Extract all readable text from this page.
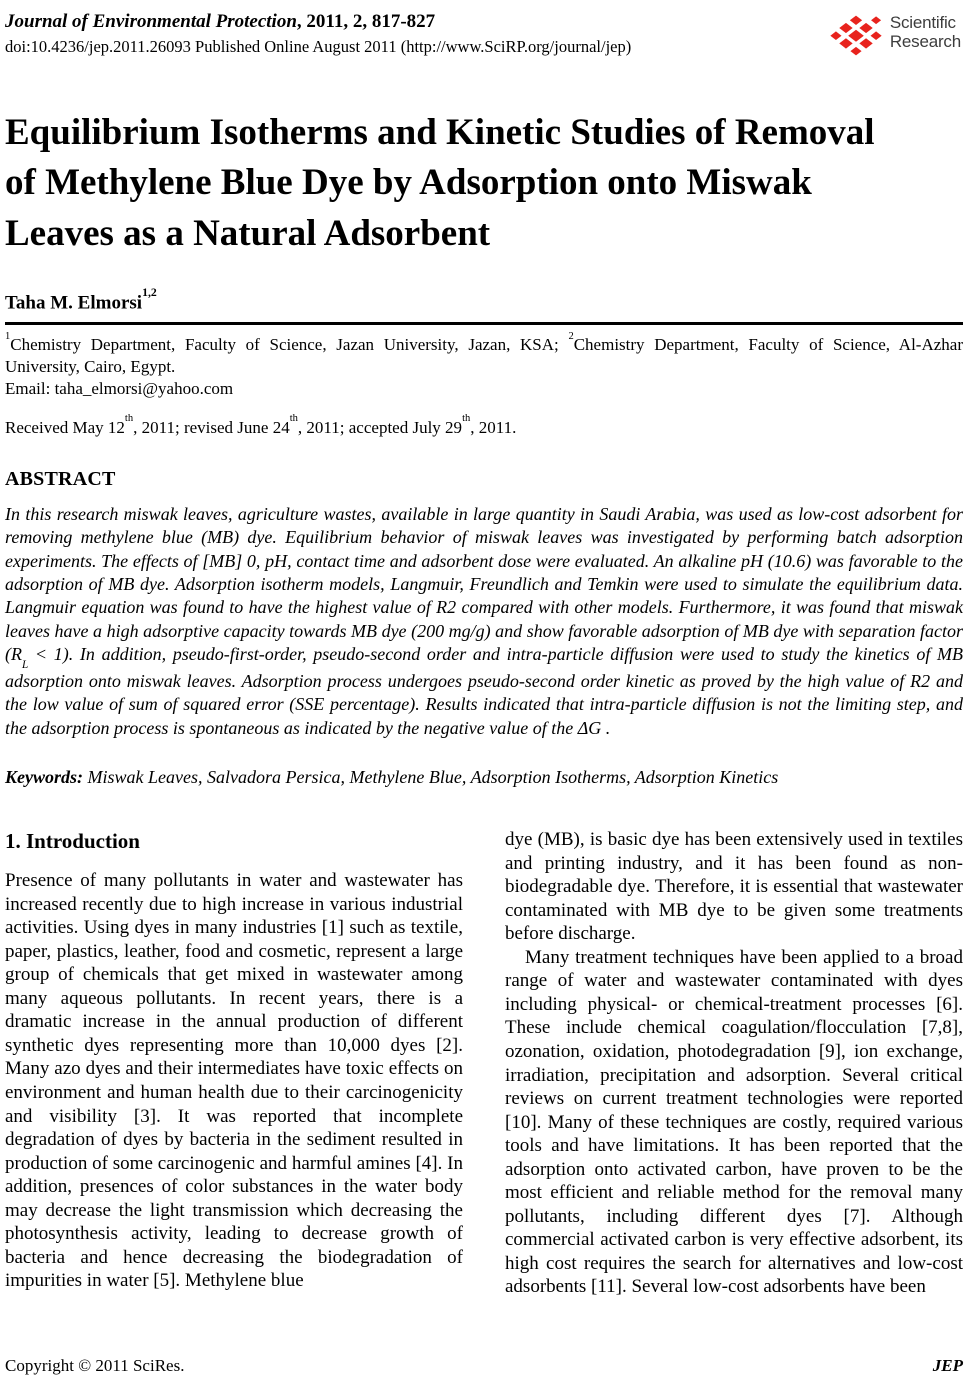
Journal of Environmental Protection, 2011, 2, 817-827
doi:10.4236/jep.2011.26093 Published Online August 2011 (http://www.SciRP.org/journal/jep)
Scientific
Research
Equilibrium Isotherms and Kinetic Studies of Removal of Methylene Blue Dye by Adsorption onto Miswak Leaves as a Natural Adsorbent
Taha M. Elmorsi$^{1,2}$
$^1$Chemistry Department, Faculty of Science, Jazan University, Jazan, KSA; $^2$Chemistry Department, Faculty of Science, Al-Azhar University, Cairo, Egypt.
Email: taha_elmorsi@yahoo.com
Received May 12th, 2011; revised June 24th, 2011; accepted July 29th, 2011.
ABSTRACT
In this research miswak leaves, agriculture wastes, available in large quantity in Saudi Arabia, was used as low-cost adsorbent for removing methylene blue (MB) dye. Equilibrium behavior of miswak leaves was investigated by performing batch adsorption experiments. The effects of [MB] 0, pH, contact time and adsorbent dose were evaluated. An alkaline pH (10.6) was favorable to the adsorption of MB dye. Adsorption isotherm models, Langmuir, Freundlich and Temkin were used to simulate the equilibrium data. Langmuir equation was found to have the highest value of R2 compared with other models. Furthermore, it was found that miswak leaves have a high adsorptive capacity towards MB dye (200 mg/g) and show favorable adsorption of MB dye with separation factor $(R_L < 1)$. In addition, pseudo-first-order, pseudo-second order and intra-particle diffusion were used to study the kinetics of MB adsorption onto miswak leaves. Adsorption process undergoes pseudo-second order kinetic as proved by the high value of R2 and the low value of sum of squared error (SSE percentage). Results indicated that intra-particle diffusion is not the limiting step, and the adsorption process is spontaneous as indicated by the negative value of the ΔG .
Keywords: Miswak Leaves, Salvadora Persica, Methylene Blue, Adsorption Isotherms, Adsorption Kinetics
1. Introduction

Presence of many pollutants in water and wastewater has increased recently due to high increase in various industrial activities. Using dyes in many industries [1] such as textile, paper, plastics, leather, food and cosmetic, represent a large group of chemicals that get mixed in wastewater among many aqueous pollutants. In recent years, there is a dramatic increase in the annual production of different synthetic dyes representing more than 10,000 dyes [2]. Many azo dyes and their intermediates have toxic effects on environment and human health due to their carcinogenicity and visibility [3]. It was reported that incomplete degradation of dyes by bacteria in the sediment resulted in production of some carcinogenic and harmful amines [4]. In addition, presences of color substances in the water body may decrease the light transmission which decreasing the photosynthesis activity, leading to decrease growth of bacteria and hence decreasing the biodegradation of impurities in water [5]. Methylene blue

dye (MB), is basic dye has been extensively used in textiles and printing industry, and it has been found as non-biodegradable dye. Therefore, it is essential that wastewater contaminated with MB dye to be given some treatments before discharge.

Many treatment techniques have been applied to a broad range of water and wastewater contaminated with dyes including physical- or chemical-treatment processes [6]. These include chemical coagulation/flocculation [7,8], ozonation, oxidation, photodegradation [9], ion exchange, irradiation, precipitation and adsorption. Several critical reviews on current treatment technologies were reported [10]. Many of these techniques are costly, required various tools and have limitations. It has been reported that the adsorption onto activated carbon, have proven to be the most efficient and reliable method for the removal many pollutants, including different dyes [7]. Although commercial activated carbon is very effective adsorbent, its high cost requires the search for alternatives and low-cost adsorbents [11]. Several low-cost adsorbents have been

Copyright © 2011 SciRes.	JEP
